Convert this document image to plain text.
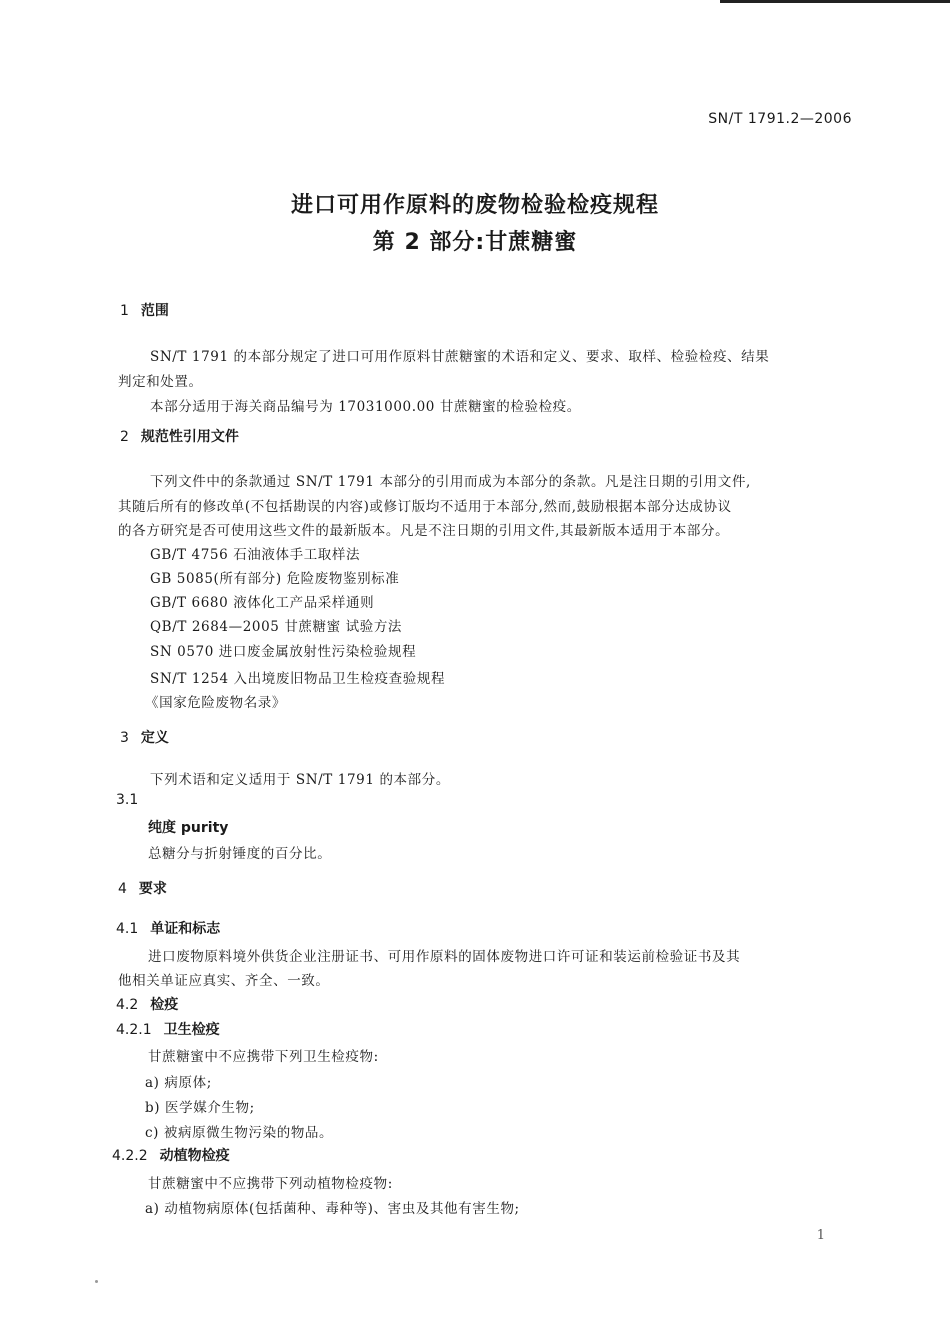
SN/T 1791.2—2006
进口可用作原料的废物检验检疫规程
第 2 部分:甘蔗糖蜜
1 范围
SN/T 1791 的本部分规定了进口可用作原料甘蔗糖蜜的术语和定义、要求、取样、检验检疫、结果
判定和处置。
本部分适用于海关商品编号为 17031000.00 甘蔗糖蜜的检验检疫。
2 规范性引用文件
下列文件中的条款通过 SN/T 1791 本部分的引用而成为本部分的条款。凡是注日期的引用文件,
其随后所有的修改单(不包括勘误的内容)或修订版均不适用于本部分,然而,鼓励根据本部分达成协议
的各方研究是否可使用这些文件的最新版本。凡是不注日期的引用文件,其最新版本适用于本部分。
GB/T 4756 石油液体手工取样法
GB 5085(所有部分) 危险废物鉴别标准
GB/T 6680 液体化工产品采样通则
QB/T 2684—2005 甘蔗糖蜜 试验方法
SN 0570 进口废金属放射性污染检验规程
SN/T 1254 入出境废旧物品卫生检疫查验规程
《国家危险废物名录》
3 定义
下列术语和定义适用于 SN/T 1791 的本部分。
3.1
纯度 purity
总糖分与折射锤度的百分比。
4 要求
4.1 单证和标志
进口废物原料境外供货企业注册证书、可用作原料的固体废物进口许可证和装运前检验证书及其
他相关单证应真实、齐全、一致。
4.2 检疫
4.2.1 卫生检疫
甘蔗糖蜜中不应携带下列卫生检疫物:
a) 病原体;
b) 医学媒介生物;
c) 被病原微生物污染的物品。
4.2.2 动植物检疫
甘蔗糖蜜中不应携带下列动植物检疫物:
a) 动植物病原体(包括菌种、毒种等)、害虫及其他有害生物;
1
